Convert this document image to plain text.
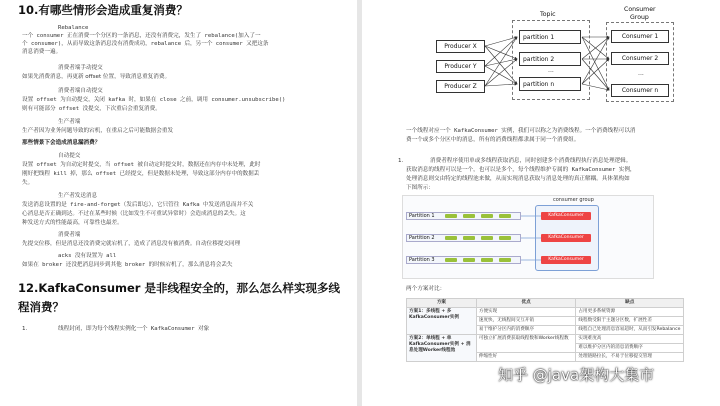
10.有哪些情形会造成重复消费？
Rebalance
一个 consumer 正在消费一个分区的一条消息，还没有消费完，发生了 rebalance(加入了一
个 consumer)，从而导致这条消息没有消费成功，rebalance 后，另一个 consumer 又把这条
消息消费一遍。
消费者端手动提交
如果先消费消息，再更新 offset 位置，导致消息重复消费。
消费者端自动提交
设置 offset 为自动提交，关闭 kafka 时，如果在 close 之前，调用 consumer.unsubscribe()
则有可能部分 offset 没提交，下次重启会重复消费。
生产者端
生产者因为业务问题导致的宕机，在重启之后可能数据会重发
那些情景下会造成消息漏消费？
自动提交
设置 offset 为自动定时提交，当 offset 被自动定时提交时，数据还在内存中未处理，此时
刚好把线程 kill 掉，那么 offset 已经提交，但是数据未处理，导致这部分内存中的数据丢
失。
生产者发送消息
发送消息设置的是 fire-and-forget（发后即忘），它只管往 Kafka 中发送消息而并不关
心消息是否正确到达。不过在某些时候（比如发生不可重试异常时）会造成消息的丢失。这
种发送方式的性能最高，可靠性也最差。
消费者端
先提交位移，但是消息还没消费完就宕机了，造成了消息没有被消费。自动位移提交同理
acks 没有设置为 all
如果在 broker 还没把消息同步到其他 broker 的时候宕机了，那么消息将会丢失
12.KafkaConsumer 是非线程安全的，那么怎么样实现多线
程消费？
1.	线程封闭，即为每个线程实例化一个 KafkaConsumer 对象
Topic
Consumer
Group
Producer X
Producer Y
Producer Z
partition 1
partition 2
...
partition n
Consumer 1
Consumer 2
...
Consumer n
一个线程对应一个 KafkaConsumer 实例，我们可以称之为消费线程。一个消费线程可以消
费一个或多个分区中的消息，所有的消费线程都隶属于同一个消费组。
1.	消费者程序使用单或多线程获取消息，同时创建多个消费线程执行消息处理逻辑。
获取消息的线程可以是一个，也可以是多个，每个线程维护专属的 KafkaConsumer 实例，
处理消息则交由特定的线程池来做，从而实现消息获取与消息处理的真正解耦。具体架构如
下图所示：
consumer group
Partition 1
Partition 2
Partition 3
KafkaConsumer
KafkaConsumer
KafkaConsumer
两个方案对比：
方案	优点	缺点
方案1：多线程 + 多KafkaConsumer实例	方便实现	占用更多系统资源
	速度快，无线程间交互开销	线程数受限于主题分区数，扩展性差
	易于维护分区内的消费顺序	线程自己处理消息容易超时，从而引发Rebalance
方案2：单线程 + 单KafkaConsumer实例 + 消息处理Worker线程池	可独立扩展消费获取线程数和Worker线程数	实现难度高
		难以维护分区内的消息消费顺序
	伸缩性好	处理链路拉长，不易于位移提交管理
知乎 @java架构大集市
